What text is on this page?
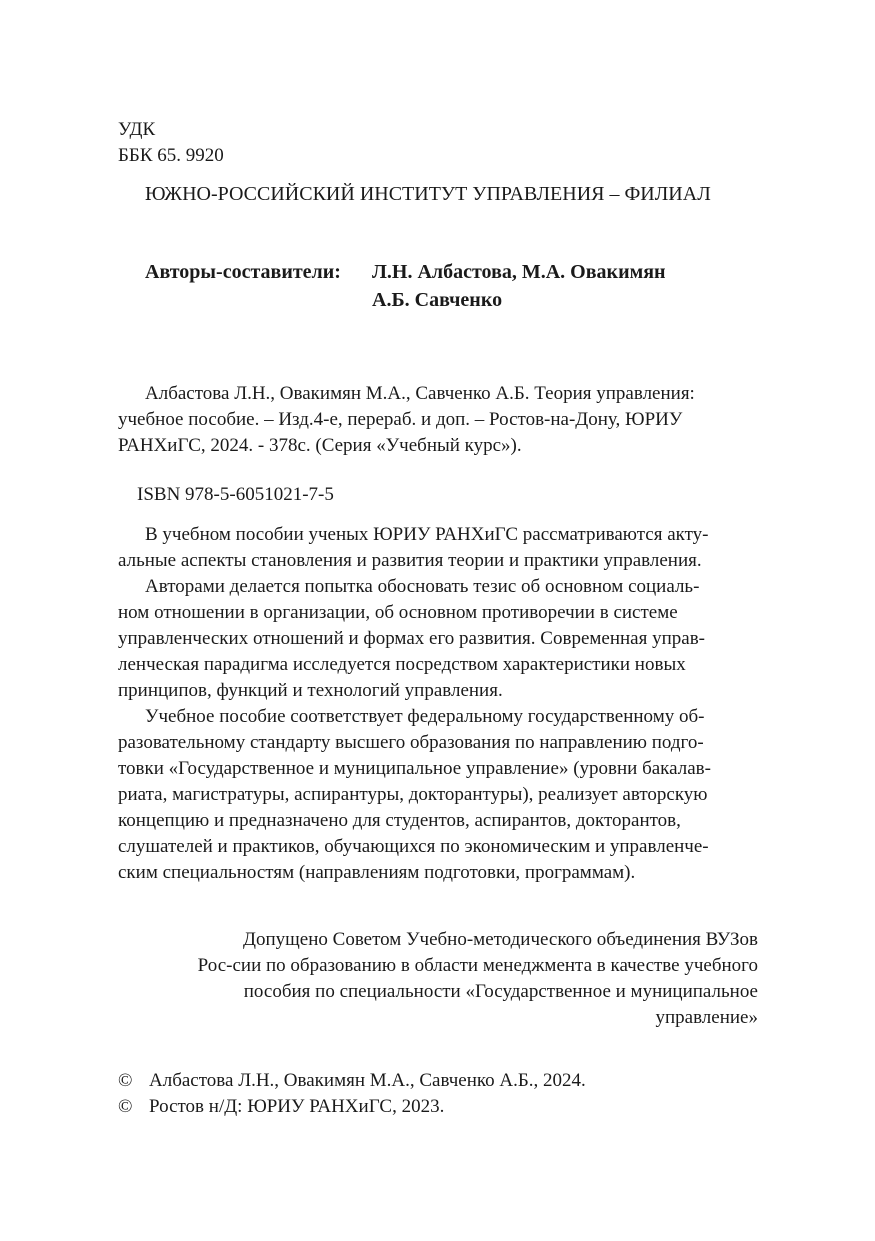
УДК
ББК 65. 9920
ЮЖНО-РОССИЙСКИЙ ИНСТИТУТ УПРАВЛЕНИЯ – ФИЛИАЛ
Авторы-составители: Л.Н. Албастова, М.А. Овакимян
А.Б. Савченко
Албастова Л.Н., Овакимян М.А., Савченко А.Б. Теория управления:
учебное пособие. – Изд.4-е, перераб. и доп. – Ростов-на-Дону, ЮРИУ
РАНХиГС, 2024. - 378с. (Серия «Учебный курс»).
ISBN 978-5-6051021-7-5
В учебном пособии ученых ЮРИУ РАНХиГС рассматриваются акту-
альные аспекты становления и развития теории и практики управления.
Авторами делается попытка обосновать тезис об основном социаль-
ном отношении в организации, об основном противоречии в системе
управленческих отношений и формах его развития. Современная управ-
ленческая парадигма исследуется посредством характеристики новых
принципов, функций и технологий управления.
Учебное пособие соответствует федеральному государственному об-
разовательному стандарту высшего образования по направлению подго-
товки «Государственное и муниципальное управление» (уровни бакалав-
риата, магистратуры, аспирантуры, докторантуры), реализует авторскую
концепцию и предназначено для студентов, аспирантов, докторантов,
слушателей и практиков, обучающихся по экономическим и управленче-
ским специальностям (направлениям подготовки, программам).
Допущено Советом Учебно-методического объединения ВУЗов
Рос-сии по образованию в области менеджмента в качестве учебного
пособия по специальности «Государственное и муниципальное
управление»
© Албастова Л.Н., Овакимян М.А., Савченко А.Б., 2024.
© Ростов н/Д: ЮРИУ РАНХиГС, 2023.
